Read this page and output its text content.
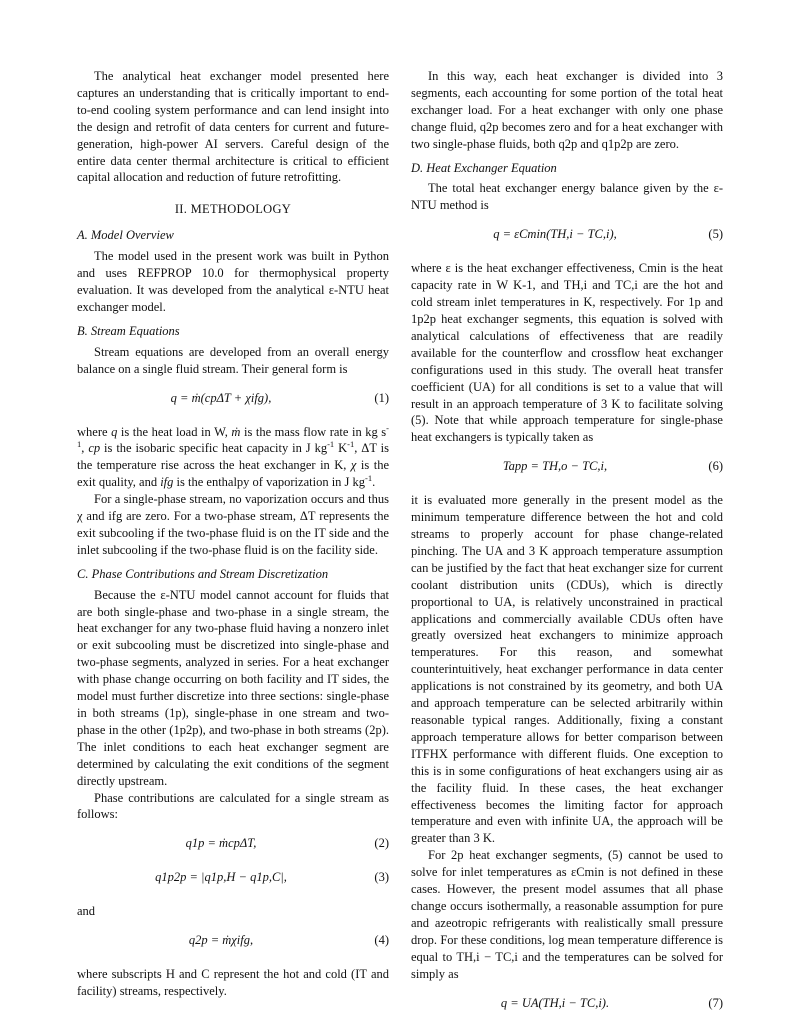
The analytical heat exchanger model presented here captures an understanding that is critically important to end-to-end cooling system performance and can lend insight into the design and retrofit of data centers for current and future-generation, high-power AI servers. Careful design of the entire data center thermal architecture is critical to efficient capital allocation and reduction of future retrofitting.

II. METHODOLOGY
A. Model Overview

The model used in the present work was built in Python and uses REFPROP 10.0 for thermophysical property evaluation. It was developed from the analytical ε-NTU heat exchanger model.

B. Stream Equations

Stream equations are developed from an overall energy balance on a single fluid stream. Their general form is

q = ṁ(cpΔT + χifg),	(1)

where q is the heat load in W, ṁ is the mass flow rate in kg $s^{-1}$, cp is the isobaric specific heat capacity in J $kg^{-1}$ $K^{-1}$, ΔT is the temperature rise across the heat exchanger in K, χ is the exit quality, and ifg is the enthalpy of vaporization in J $kg^{-1}$.

For a single-phase stream, no vaporization occurs and thus χ and ifg are zero. For a two-phase stream, ΔT represents the exit subcooling if the two-phase fluid is on the IT side and the inlet subcooling if the two-phase fluid is on the facility side.

C. Phase Contributions and Stream Discretization

Because the ε-NTU model cannot account for fluids that are both single-phase and two-phase in a single stream, the heat exchanger for any two-phase fluid having a nonzero inlet or exit subcooling must be discretized into single-phase and two-phase segments, analyzed in series. For a heat exchanger with phase change occurring on both facility and IT sides, the model must further discretize into three sections: single-phase in both streams (1p), single-phase in one stream and two-phase in the other (1p2p), and two-phase in both streams (2p). The inlet conditions to each heat exchanger segment are determined by calculating the exit conditions of the segment directly upstream.

Phase contributions are calculated for a single stream as follows:

q1p = ṁcpΔT,	(2)
q1p2p = |q1p,H − q1p,C|,	(3)

and

q2p = ṁχifg,	(4)

where subscripts H and C represent the hot and cold (IT and facility) streams, respectively.

In this way, each heat exchanger is divided into 3 segments, each accounting for some portion of the total heat exchanger load. For a heat exchanger with only one phase change fluid, q2p becomes zero and for a heat exchanger with two single-phase fluids, both q2p and q1p2p are zero.

D. Heat Exchanger Equation

The total heat exchanger energy balance given by the ε-NTU method is

q = εCmin(TH,i − TC,i),	(5)

where ε is the heat exchanger effectiveness, Cmin is the heat capacity rate in W K-1, and TH,i and TC,i are the hot and cold stream inlet temperatures in K, respectively. For 1p and 1p2p heat exchanger segments, this equation is solved with analytical calculations of effectiveness that are readily available for the counterflow and crossflow heat exchanger configurations used in this study. The overall heat transfer coefficient (UA) for all conditions is set to a value that will result in an approach temperature of 3 K to facilitate solving (5). Note that while approach temperature for single-phase heat exchangers is typically taken as

Tapp = TH,o − TC,i,	(6)

it is evaluated more generally in the present model as the minimum temperature difference between the hot and cold streams to properly account for phase change-related pinching. The UA and 3 K approach temperature assumption can be justified by the fact that heat exchanger size for current coolant distribution units (CDUs), which is directly proportional to UA, is relatively unconstrained in practical applications and commercially available CDUs often have greatly oversized heat exchangers to minimize approach temperatures. For this reason, and somewhat counterintuitively, heat exchanger performance in data center applications is not constrained by its geometry, and both UA and approach temperature can be selected arbitrarily within reasonable typical ranges. Additionally, fixing a constant approach temperature allows for better comparison between ITFHX performance with different fluids. One exception to this is in some configurations of heat exchangers using air as the facility fluid. In these cases, the heat exchanger effectiveness becomes the limiting factor for approach temperature and even with infinite UA, the approach will be greater than 3 K.

For 2p heat exchanger segments, (5) cannot be used to solve for inlet temperatures as εCmin is not defined in these cases. However, the present model assumes that all phase change occurs isothermally, a reasonable assumption for pure and azeotropic refrigerants with realistically small pressure drop. For these conditions, log mean temperature difference is equal to TH,i − TC,i and the temperatures can be solved for simply as

q = UA(TH,i − TC,i).	(7)
